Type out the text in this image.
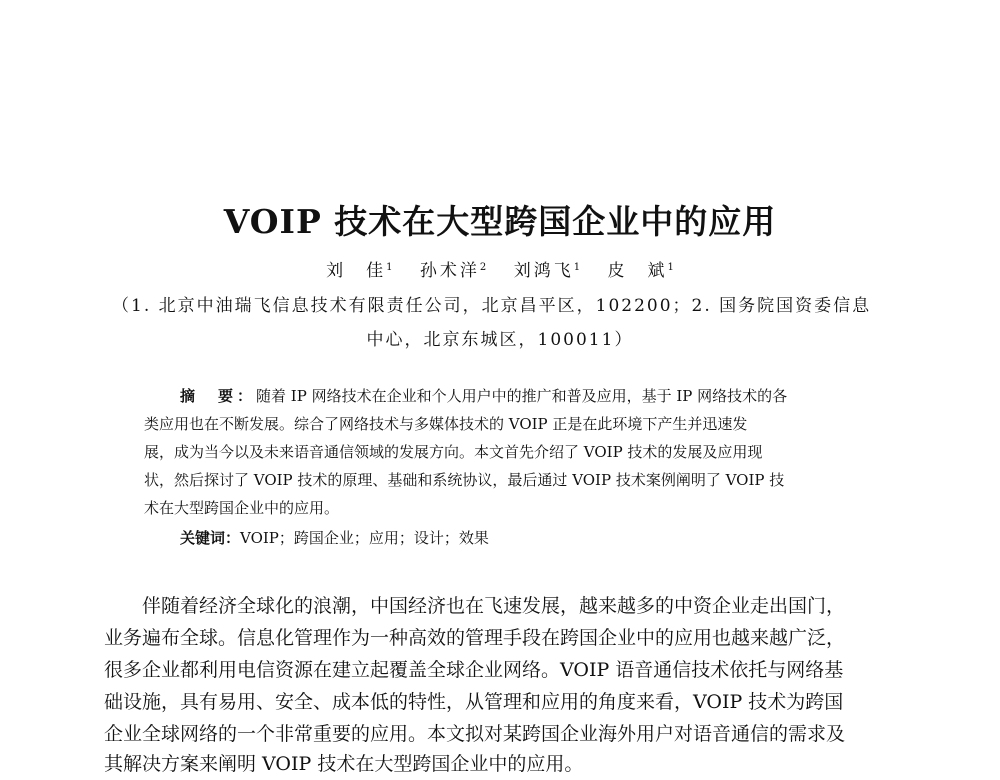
VOIP 技术在大型跨国企业中的应用
刘　佳$^1$ 孙术洋$^2$ 刘鸿飞$^1$ 皮　斌$^1$
（1. 北京中油瑞飞信息技术有限责任公司，北京昌平区，102200；2. 国务院国资委信息
中心，北京东城区，100011）
摘　要：随着 IP 网络技术在企业和个人用户中的推广和普及应用，基于 IP 网络技术的各
类应用也在不断发展。综合了网络技术与多媒体技术的 VOIP 正是在此环境下产生并迅速发
展，成为当今以及未来语音通信领域的发展方向。本文首先介绍了 VOIP 技术的发展及应用现
状，然后探讨了 VOIP 技术的原理、基础和系统协议，最后通过 VOIP 技术案例阐明了 VOIP 技
术在大型跨国企业中的应用。
关键词：VOIP；跨国企业；应用；设计；效果
伴随着经济全球化的浪潮，中国经济也在飞速发展，越来越多的中资企业走出国门，
业务遍布全球。信息化管理作为一种高效的管理手段在跨国企业中的应用也越来越广泛，
很多企业都利用电信资源在建立起覆盖全球企业网络。VOIP 语音通信技术依托与网络基
础设施，具有易用、安全、成本低的特性，从管理和应用的角度来看，VOIP 技术为跨国
企业全球网络的一个非常重要的应用。本文拟对某跨国企业海外用户对语音通信的需求及
其解决方案来阐明 VOIP 技术在大型跨国企业中的应用。
